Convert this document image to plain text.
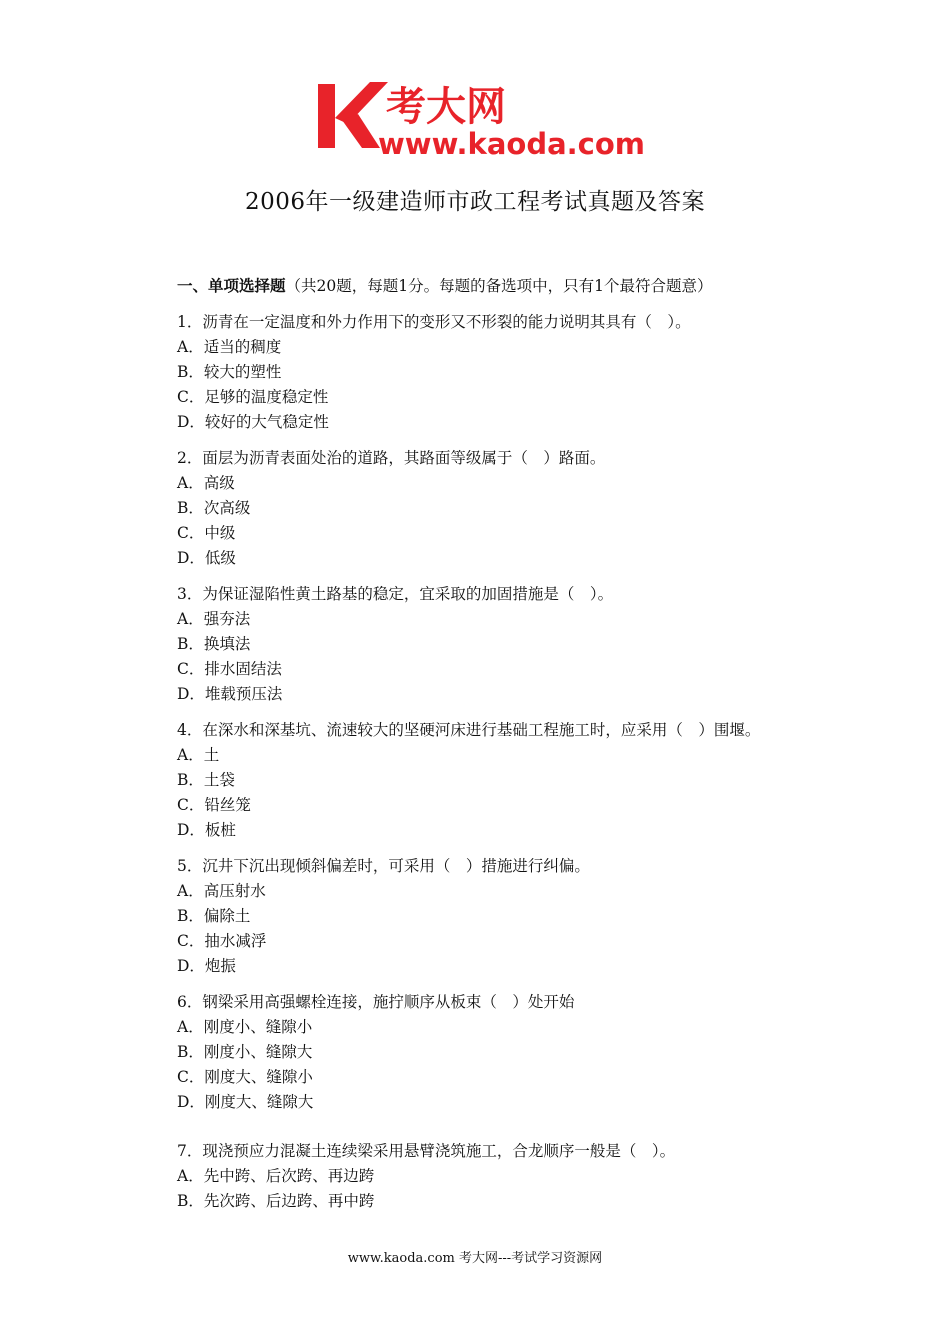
考大网
www.kaoda.com
2006年一级建造师市政工程考试真题及答案
一、单项选择题（共20题，每题1分。每题的备选项中，只有1个最符合题意）
1．沥青在一定温度和外力作用下的变形又不形裂的能力说明其具有（　）。
A．适当的稠度
B．较大的塑性
C．足够的温度稳定性
D．较好的大气稳定性
2．面层为沥青表面处治的道路，其路面等级属于（　）路面。
A．高级
B．次高级
C．中级
D．低级
3．为保证湿陷性黄土路基的稳定，宜采取的加固措施是（　）。
A．强夯法
B．换填法
C．排水固结法
D．堆载预压法
4．在深水和深基坑、流速较大的坚硬河床进行基础工程施工时，应采用（　）围堰。
A．土
B．土袋
C．铅丝笼
D．板桩
5．沉井下沉出现倾斜偏差时，可采用（　）措施进行纠偏。
A．高压射水
B．偏除土
C．抽水减浮
D．炮振
6．钢梁采用高强螺栓连接，施拧顺序从板束（　）处开始
A．刚度小、缝隙小
B．刚度小、缝隙大
C．刚度大、缝隙小
D．刚度大、缝隙大
7．现浇预应力混凝土连续梁采用悬臂浇筑施工，合龙顺序一般是（　）。
A．先中跨、后次跨、再边跨
B．先次跨、后边跨、再中跨
www.kaoda.com 考大网---考试学习资源网
